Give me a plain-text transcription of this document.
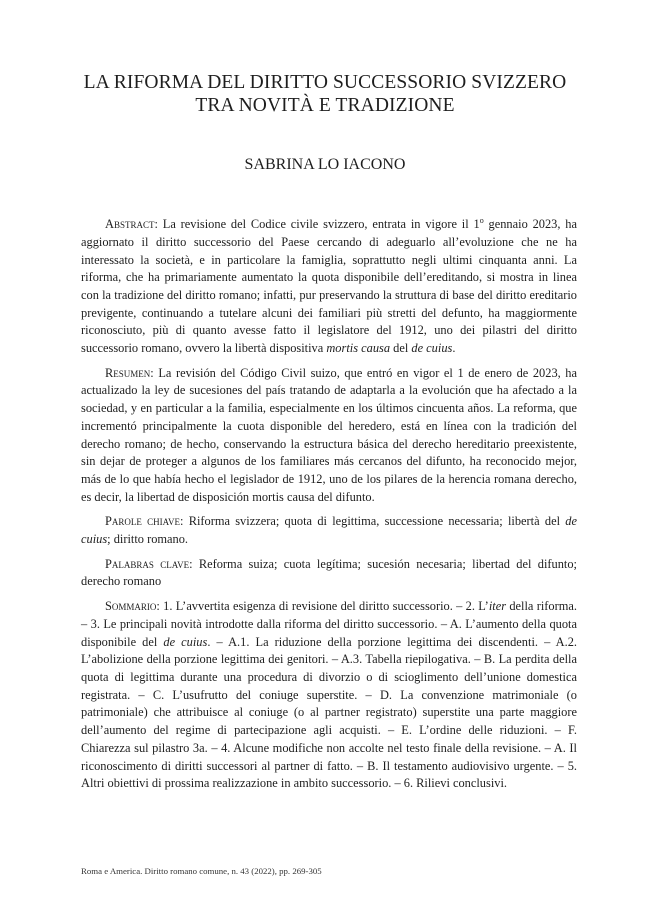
LA RIFORMA DEL DIRITTO SUCCESSORIO SVIZZERO
TRA NOVITÀ E TRADIZIONE
SABRINA LO IACONO

Abstract: La revisione del Codice civile svizzero, entrata in vigore il 1$^o$ gennaio 2023, ha aggiornato il diritto successorio del Paese cercando di adeguarlo all’evoluzione che ne ha interessato la società, e in particolare la famiglia, soprattutto negli ultimi cinquanta anni. La riforma, che ha primariamente aumentato la quota disponibile dell’ereditando, si mostra in linea con la tradizione del diritto romano; infatti, pur preservando la struttura di base del diritto ereditario previgente, continuando a tutelare alcuni dei familiari più stretti del defunto, ha maggiormente riconosciuto, più di quanto avesse fatto il legislatore del 1912, uno dei pilastri del diritto successorio romano, ovvero la libertà dispositiva mortis causa del de cuius.

Resumen: La revisión del Código Civil suizo, que entró en vigor el 1 de enero de 2023, ha actualizado la ley de sucesiones del país tratando de adaptarla a la evolución que ha afectado a la sociedad, y en particular a la familia, especialmente en los últimos cincuenta años. La reforma, que incrementó principalmente la cuota disponible del heredero, está en línea con la tradición del derecho romano; de hecho, conservando la estructura básica del derecho hereditario preexistente, sin dejar de proteger a algunos de los familiares más cercanos del difunto, ha reconocido mejor, más de lo que había hecho el legislador de 1912, uno de los pilares de la herencia romana derecho, es decir, la libertad de disposición mortis causa del difunto.

Parole chiave: Riforma svizzera; quota di legittima, successione necessaria; libertà del de cuius; diritto romano.

Palabras clave: Reforma suiza; cuota legítima; sucesión necesaria; libertad del difunto; derecho romano

Sommario: 1. L’avvertita esigenza di revisione del diritto successorio. – 2. L’iter della riforma. – 3. Le principali novità introdotte dalla riforma del diritto successorio. – A. L’aumento della quota disponibile del de cuius. – A.1. La riduzione della porzione legittima dei discendenti. – A.2. L’abolizione della porzione legittima dei genitori. – A.3. Tabella riepilogativa. – B. La perdita della quota di legittima durante una procedura di divorzio o di scioglimento dell’unione domestica registrata. – C. L’usufrutto del coniuge superstite. – D. La convenzione matrimoniale (o patrimoniale) che attribuisce al coniuge (o al partner registrato) superstite una parte maggiore dell’aumento del regime di partecipazione agli acquisti. – E. L’ordine delle riduzioni. – F. Chiarezza sul pilastro 3a. – 4. Alcune modifiche non accolte nel testo finale della revisione. – A. Il riconoscimento di diritti successori al partner di fatto. – B. Il testamento audiovisivo urgente. – 5. Altri obiettivi di prossima realizzazione in ambito successorio. – 6. Rilievi conclusivi.

Roma e America. Diritto romano comune, n. 43 (2022), pp. 269-305
